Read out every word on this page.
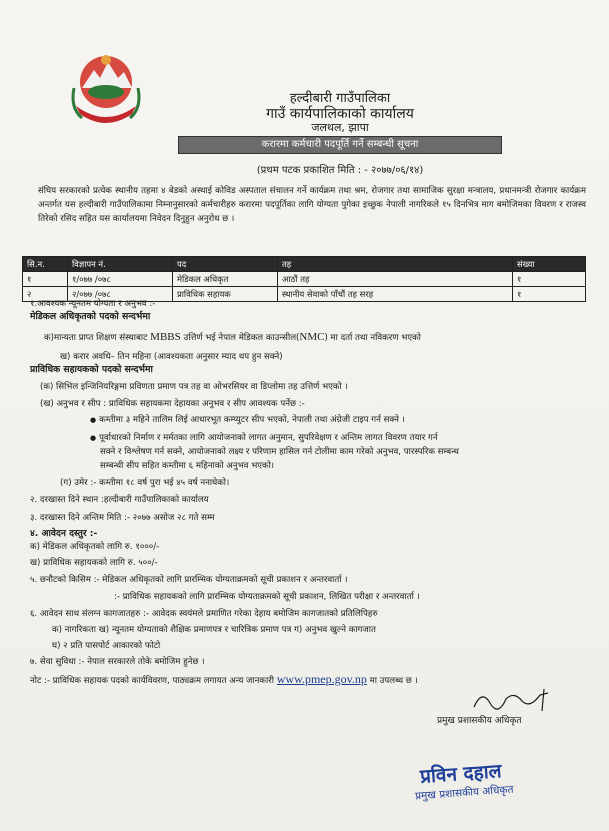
हल्दीबारी गाउँपालिका
गाउँ कार्यपालिकाको कार्यालय
जलथल, झापा
करारमा कर्मचारी पदपूर्ति गर्ने सम्बन्धी सूचना
(प्रथम पटक प्रकाशित मिति : - २०७७/०६/१४)
संघिय सरकारको प्रत्येक स्थानीय तहमा ४ बेडको अस्थाई कोविड अस्पताल संचालन गर्ने कार्यक्रम तथा श्रम, रोजगार तथा सामाजिक सुरक्षा मन्त्रालय, प्रधानमन्त्री रोजगार कार्यक्रम अन्तर्गत यस हल्दीबारी गाउँपालिकामा निम्नानुसारको कर्मचारीहरु करारमा पदपूर्तिका लागि योग्यता पुगेका इच्छुक नेपाली नागरिकले १५ दिनभित्र माग बमोजिमका विवरण र राजस्व तिरेको रसिद सहित यस कार्यालयमा निवेदन दिनुहुन अनुरोध छ ।
सि.न.	विज्ञापन नं.	पद	तह	संख्या
१	१/०७७ /०७८	मेडिकल अधिकृत	आठौं तह	१
२	२/०७७ /०७८	प्राविधिक सहायक	स्थानीय सेवाको पाँचौं तह सरह	१
१.आवश्यक न्यूनतम योग्यता र अनुभव :-
मेडिकल अधिकृतको पदको सन्दर्भमा
क)मान्यता प्राप्त शिक्षण संस्थाबाट MBBS उत्तिर्ण भई नेपाल मेडिकल काउन्सील(NMC) मा दर्ता तथा नविकरण भएको
ख) करार अवधि– तिन महिना (आवश्यकता अनुसार म्याद थप हुन सक्ने)
प्राविधिक सहायकको पदको सन्दर्भमा
(क) सिभिल इन्जिनियरिङ्गमा प्रविणता प्रमाण पत्र तह वा ओभरसियर वा डिप्लोमा तह उत्तिर्ण भएको ।
(ख) अनुभव र सीप : प्राविधिक सहायकमा देहायका अनुभव र सीप आवश्यक पर्नेछ :-
● कम्तीमा ३ महिने तालिम लिई आधारभूत कम्प्युटर सीप भएको, नेपाली तथा अंग्रेजी टाइप गर्न सक्ने ।
● पूर्वाधारको निर्माण र मर्मतका लागि आयोजनाको लागत अनुमान, सुपरिवेक्षण र अन्तिम लागत विवरण तयार गर्न
सक्ने र विश्लेषण गर्न सक्ने, आयोजनाको लक्ष्य र परिणाम हासिल गर्न टोलीमा काम गरेको अनुभव, पारस्परिक सम्बन्ध
सम्बन्धी सीप सहित कम्तीमा ६ महिनाको अनुभव भएको।
(ग) उमेर :- कम्तीमा १८ वर्ष पुरा भई ४५ वर्ष ननाघेको।
२. दरखास्त दिने स्थान :हल्दीबारी गाउँपालिकाको कार्यालय
३. दरखास्त दिने अन्तिम मिति :- २०७७ असोज २८ गते सम्म
४. आवेदन दस्तुर :-
क) मेडिकल अधिकृतको लागि रु. १०००/-
ख) प्राविधिक सहायकको लागि रु. ५००/-
५. छनौटको किसिम :- मेडिकल अधिकृतको लागि प्रारम्भिक योग्यताक्रमको सूची प्रकाशन र अन्तरवार्ता ।
:- प्राविधिक सहायकको लागि प्रारम्भिक योग्यताक्रमको सूची प्रकाशन, लिखित परीक्षा र अन्तरवार्ता ।
६. आवेदन साथ संलग्न कागजातहरु :- आवेदक स्वयंमले प्रमाणित गरेका देहाय बमोजिम कागजातको प्रतिलिपिहरु
क) नागरिकता ख) न्यूनतम योग्यताको शैक्षिक प्रमाणपत्र र चारित्रिक प्रमाण पत्र ग) अनुभव खुल्ने कागजात
घ) २ प्रति पासपोर्ट आकारको फोटो
७. सेवा सुविधा :- नेपाल सरकारले तोके बमोजिम हुनेछ ।
नोट :- प्राविधिक सहायक पदको कार्यविवरण, पाठ्यक्रम लगायत अन्य जानकारी www.pmep.gov.np मा उपलब्ध छ ।
प्रमुख प्रशासकीय अधिकृत
प्रविन दहाल
प्रमुख प्रशासकीय अधिकृत
